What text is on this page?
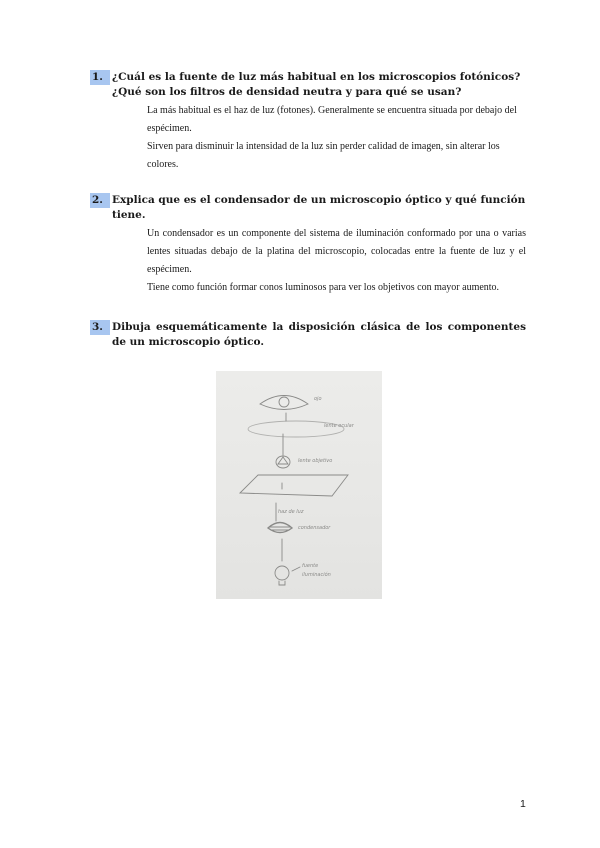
1. ¿Cuál es la fuente de luz más habitual en los microscopios fotónicos?¿Qué son los filtros de densidad neutra y para qué se usan?

La más habitual es el haz de luz (fotones). Generalmente se encuentra situada por debajo del espécimen.

Sirven para disminuir la intensidad de la luz sin perder calidad de imagen, sin alterar los colores.

2. Explica que es el condensador de un microscopio óptico y qué función tiene.

Un condensador es un componente del sistema de iluminación conformado por una o varias lentes situadas debajo de la platina del microscopio, colocadas entre la fuente de luz y el espécimen.

Tiene como función formar conos luminosos para ver los objetivos con mayor aumento.

3. Dibuja esquemáticamente la disposición clásica de los componentes de un microscopio óptico.
ojo
lente ocular
lente objetivo
haz de luz
condensador
fuente
iluminación
1
